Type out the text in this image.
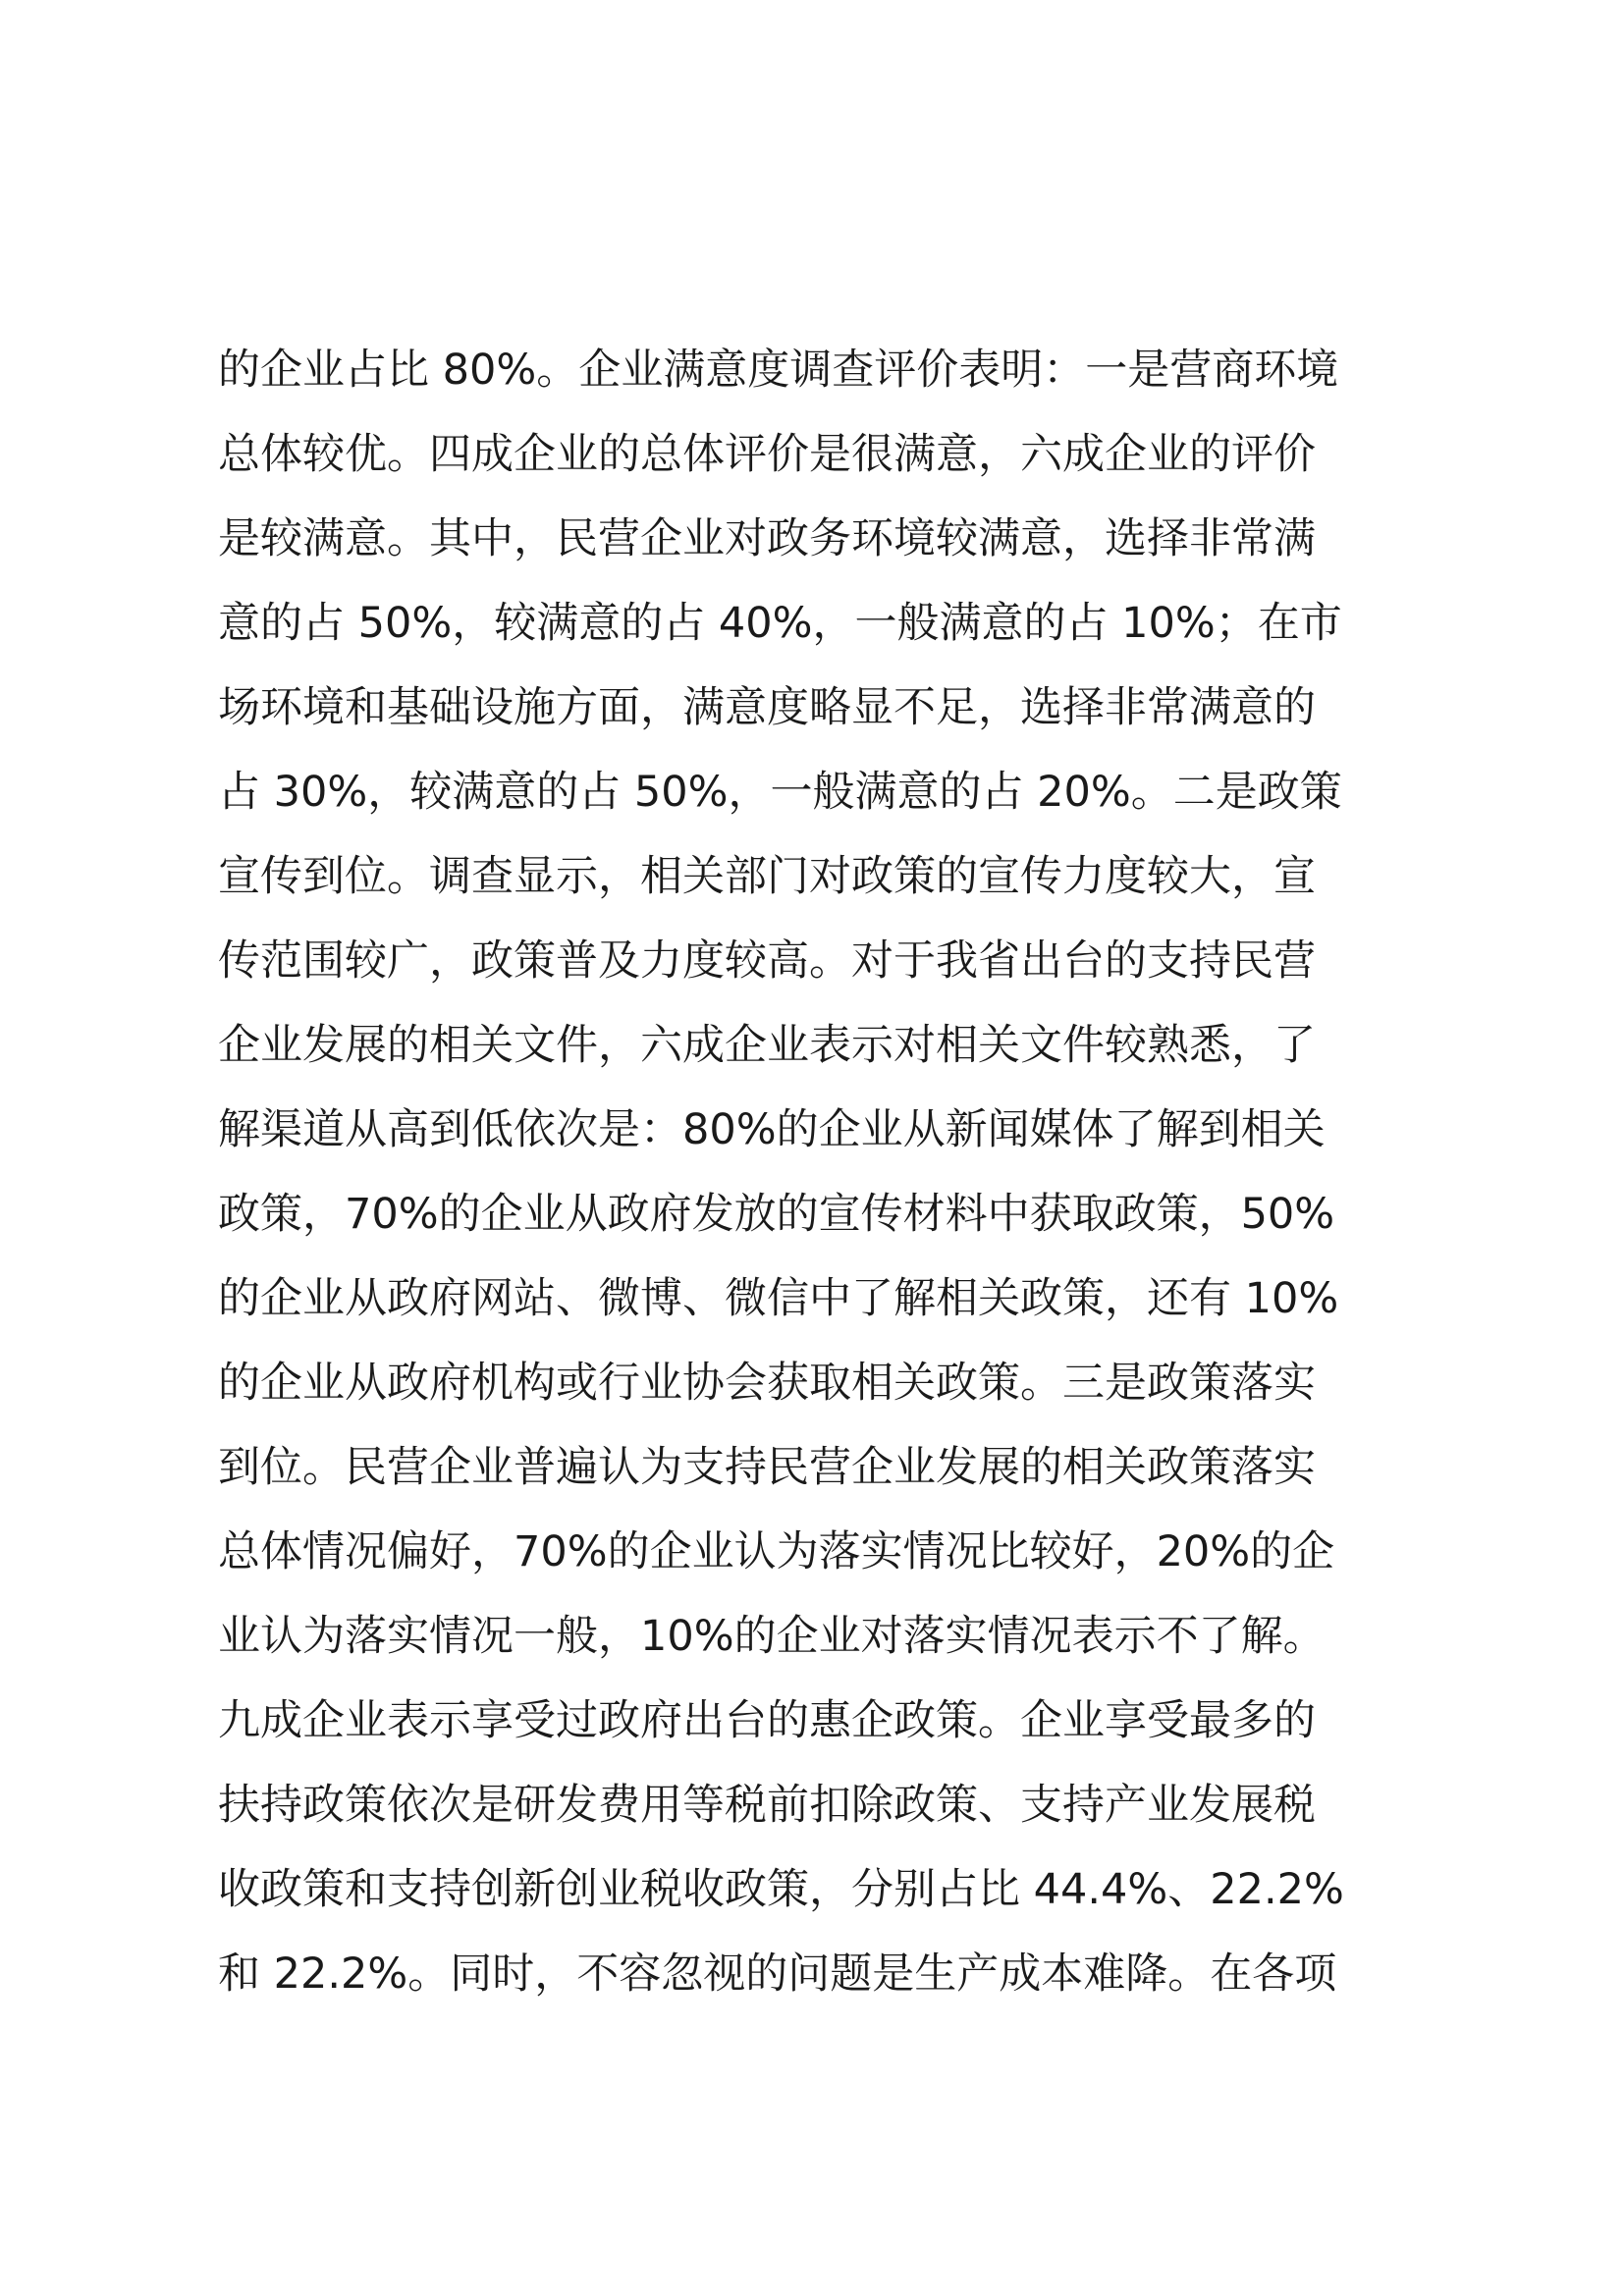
的企业占比 80%。企业满意度调查评价表明：一是营商环境
总体较优。四成企业的总体评价是很满意，六成企业的评价
是较满意。其中，民营企业对政务环境较满意，选择非常满
意的占 50%，较满意的占 40%，一般满意的占 10%；在市
场环境和基础设施方面，满意度略显不足，选择非常满意的
占 30%，较满意的占 50%，一般满意的占 20%。二是政策
宣传到位。调查显示，相关部门对政策的宣传力度较大，宣
传范围较广，政策普及力度较高。对于我省出台的支持民营
企业发展的相关文件，六成企业表示对相关文件较熟悉，了
解渠道从高到低依次是：80%的企业从新闻媒体了解到相关
政策，70%的企业从政府发放的宣传材料中获取政策，50%
的企业从政府网站、微博、微信中了解相关政策，还有 10%
的企业从政府机构或行业协会获取相关政策。三是政策落实
到位。民营企业普遍认为支持民营企业发展的相关政策落实
总体情况偏好，70%的企业认为落实情况比较好，20%的企
业认为落实情况一般，10%的企业对落实情况表示不了解。
九成企业表示享受过政府出台的惠企政策。企业享受最多的
扶持政策依次是研发费用等税前扣除政策、支持产业发展税
收政策和支持创新创业税收政策，分别占比 44.4%、22.2%
和 22.2%。同时，不容忽视的问题是生产成本难降。在各项
